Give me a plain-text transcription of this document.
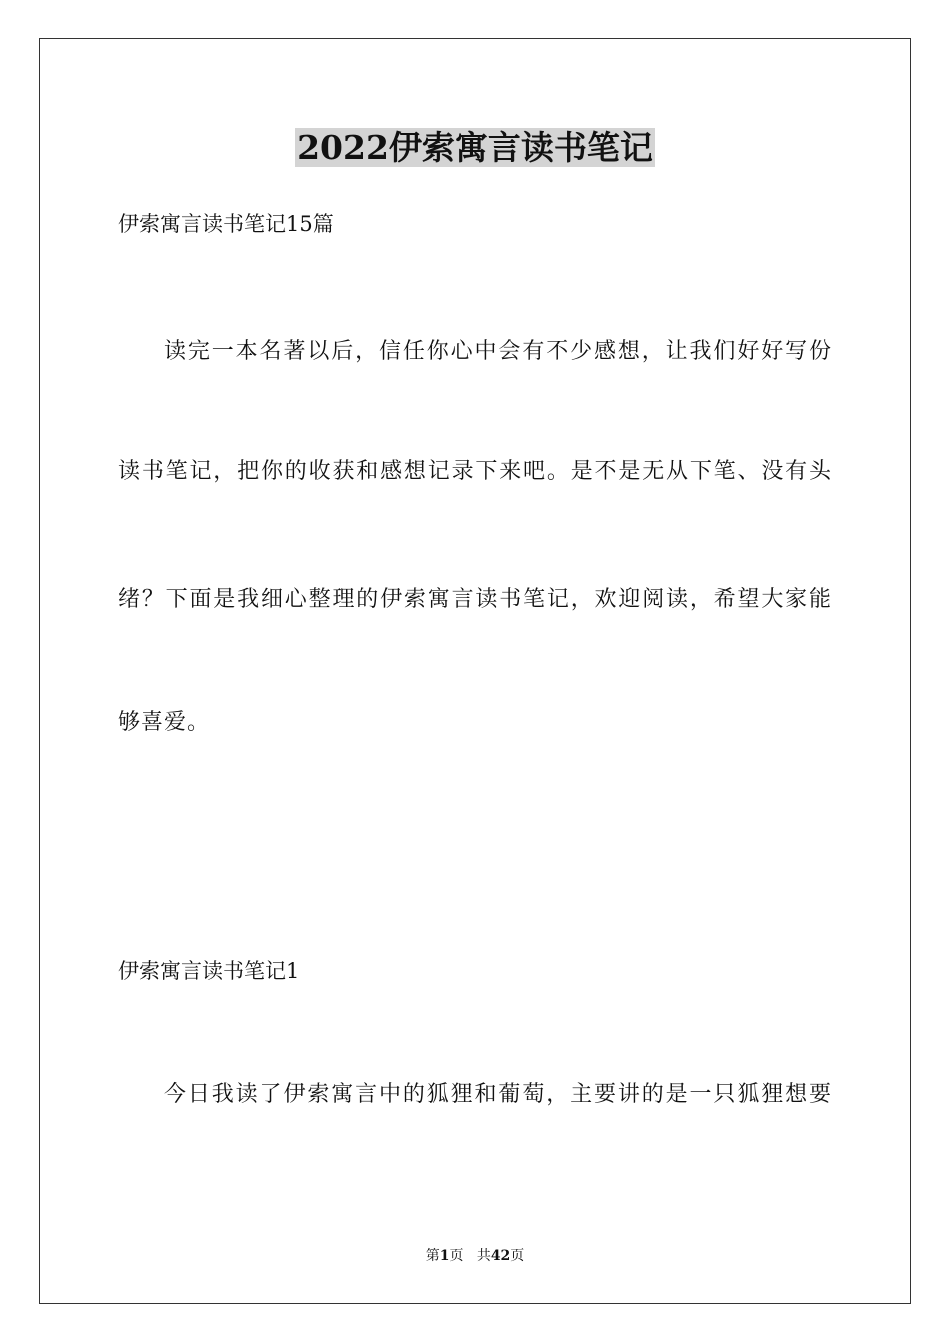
2022伊索寓言读书笔记
伊索寓言读书笔记15篇
读完一本名著以后，信任你心中会有不少感想，让我们好好写份
读书笔记，把你的收获和感想记录下来吧。是不是无从下笔、没有头
绪？下面是我细心整理的伊索寓言读书笔记，欢迎阅读，希望大家能
够喜爱。
伊索寓言读书笔记1
今日我读了伊索寓言中的狐狸和葡萄，主要讲的是一只狐狸想要
第1页 共42页
